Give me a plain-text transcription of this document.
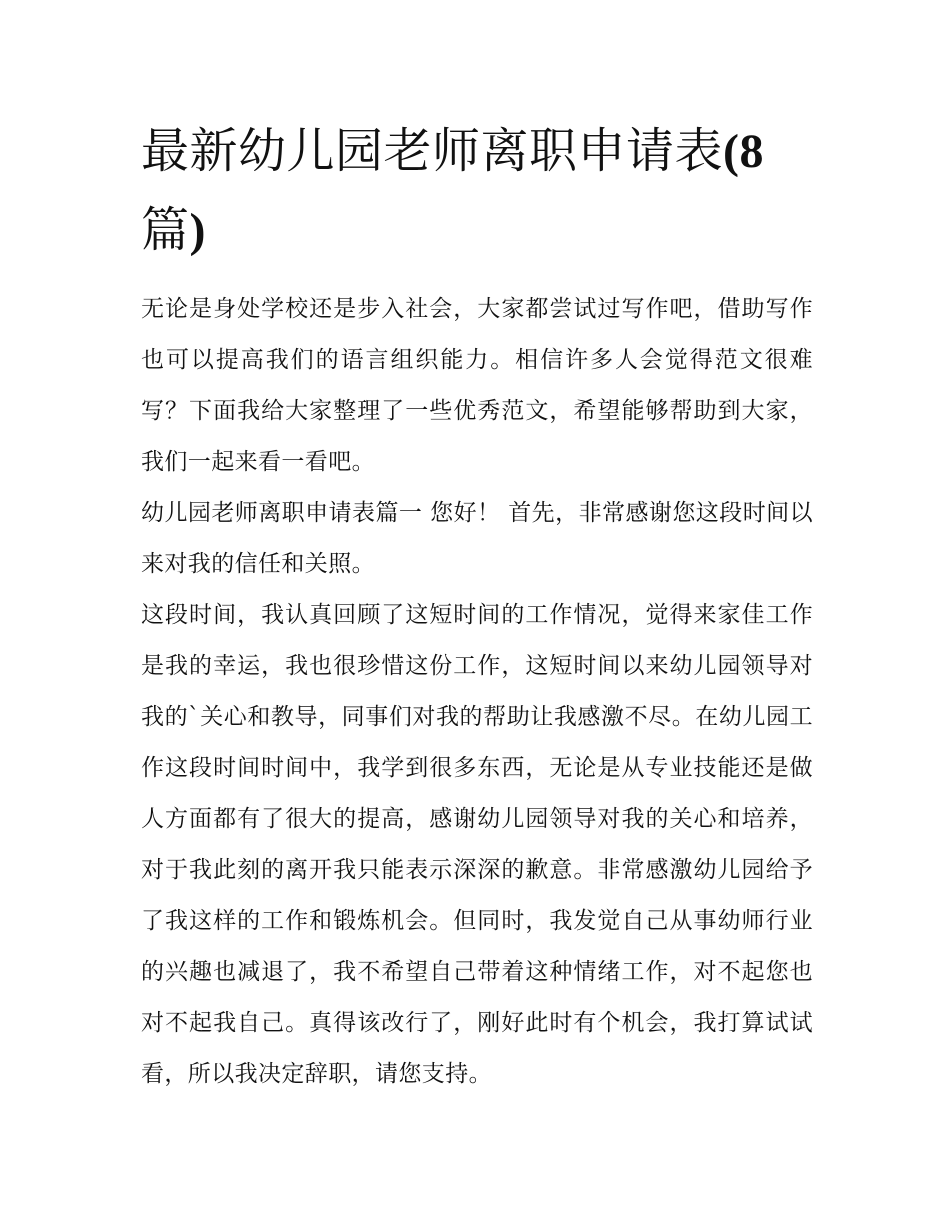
最新幼儿园老师离职申请表(8
篇)

无论是身处学校还是步入社会，大家都尝试过写作吧，借助写作也可以提高我们的语言组织能力。相信许多人会觉得范文很难写？下面我给大家整理了一些优秀范文，希望能够帮助到大家，我们一起来看一看吧。

幼儿园老师离职申请表篇一 您好！ 首先，非常感谢您这段时间以来对我的信任和关照。

这段时间，我认真回顾了这短时间的工作情况，觉得来家佳工作是我的幸运，我也很珍惜这份工作，这短时间以来幼儿园领导对我的`关心和教导，同事们对我的帮助让我感激不尽。在幼儿园工作这段时间时间中，我学到很多东西，无论是从专业技能还是做人方面都有了很大的提高，感谢幼儿园领导对我的关心和培养，对于我此刻的离开我只能表示深深的歉意。非常感激幼儿园给予了我这样的工作和锻炼机会。但同时，我发觉自己从事幼师行业的兴趣也减退了，我不希望自己带着这种情绪工作，对不起您也对不起我自己。真得该改行了，刚好此时有个机会，我打算试试看，所以我决定辞职，请您支持。
